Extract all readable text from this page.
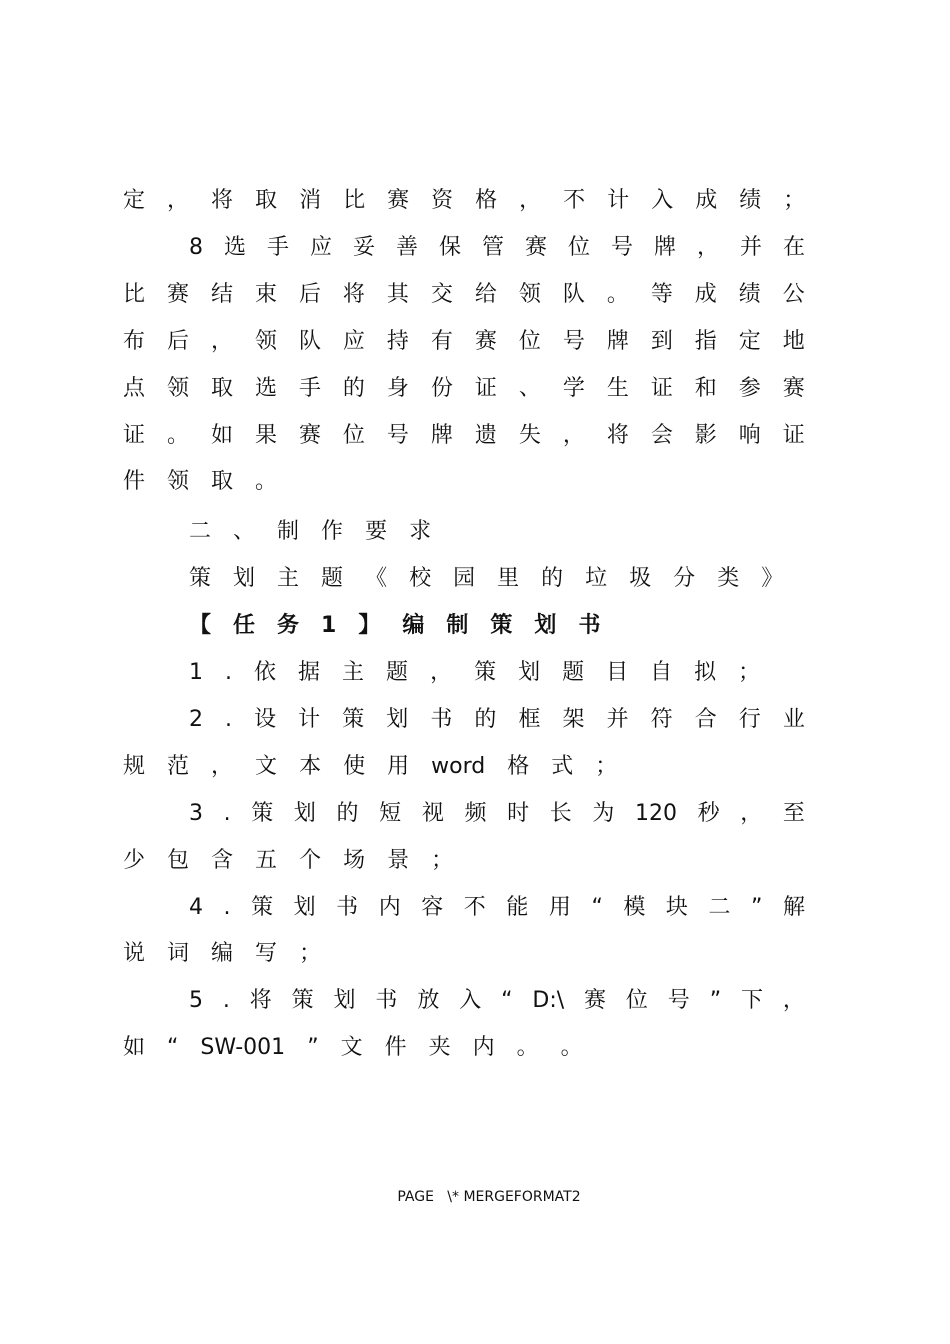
定 ， 将 取 消 比 赛 资 格 ， 不 计 入 成 绩 ；
8 选 手 应 妥 善 保 管 赛 位 号 牌 ， 并 在
比 赛 结 束 后 将 其 交 给 领 队 。 等 成 绩 公
布 后 ， 领 队 应 持 有 赛 位 号 牌 到 指 定 地
点 领 取 选 手 的 身 份 证 、 学 生 证 和 参 赛
证 。 如 果 赛 位 号 牌 遗 失 ， 将 会 影 响 证
件 领 取 。
二 、 制 作 要 求
策 划 主 题 《 校 园 里 的 垃 圾 分 类 》
【 任 务 1 】 编 制 策 划 书
1 . 依 据 主 题 ， 策 划 题 目 自 拟 ；
2 . 设 计 策 划 书 的 框 架 并 符 合 行 业
规 范 ， 文 本 使 用 word 格 式 ；
3 . 策 划 的 短 视 频 时 长 为 120 秒 ， 至
少 包 含 五 个 场 景 ；
4 . 策 划 书 内 容 不 能 用 “ 模 块 二 ” 解
说 词 编 写 ；
5 . 将 策 划 书 放 入 “ D:\ 赛 位 号 ” 下 ，
如 “ SW-001 ” 文 件 夹 内 。 。
PAGE   \* MERGEFORMAT2
